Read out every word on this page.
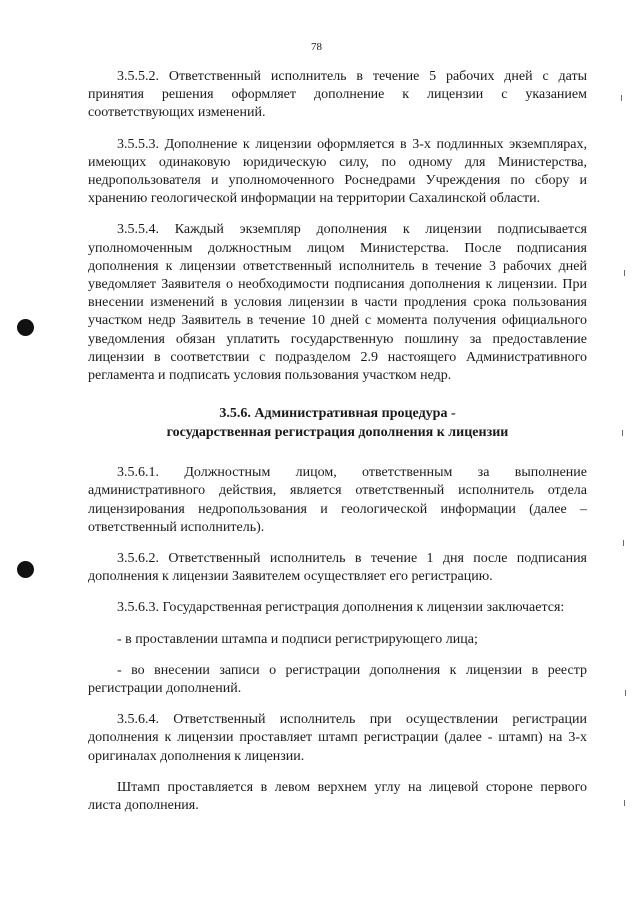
78

3.5.5.2. Ответственный исполнитель в течение 5 рабочих дней с даты принятия решения оформляет дополнение к лицензии с указанием соответствующих изменений.

3.5.5.3. Дополнение к лицензии оформляется в 3-х подлинных экземплярах, имеющих одинаковую юридическую силу, по одному для Министерства, недропользователя и уполномоченного Роснедрами Учреждения по сбору и хранению геологической информации на территории Сахалинской области.

3.5.5.4. Каждый экземпляр дополнения к лицензии подписывается уполномоченным должностным лицом Министерства. После подписания дополнения к лицензии ответственный исполнитель в течение 3 рабочих дней уведомляет Заявителя о необходимости подписания дополнения к лицензии. При внесении изменений в условия лицензии в части продления срока пользования участком недр Заявитель в течение 10 дней с момента получения официального уведомления обязан уплатить государственную пошлину за предоставление лицензии в соответствии с подразделом 2.9 настоящего Административного регламента и подписать условия пользования участком недр.

3.5.6. Административная процедура -
государственная регистрация дополнения к лицензии

3.5.6.1. Должностным лицом, ответственным за выполнение административного действия, является ответственный исполнитель отдела лицензирования недропользования и геологической информации (далее – ответственный исполнитель).

3.5.6.2. Ответственный исполнитель в течение 1 дня после подписания дополнения к лицензии Заявителем осуществляет его регистрацию.

3.5.6.3. Государственная регистрация дополнения к лицензии заключается:

- в проставлении штампа и подписи регистрирующего лица;

- во внесении записи о регистрации дополнения к лицензии в реестр регистрации дополнений.

3.5.6.4. Ответственный исполнитель при осуществлении регистрации дополнения к лицензии проставляет штамп регистрации (далее - штамп) на 3-х оригиналах дополнения к лицензии.

Штамп проставляется в левом верхнем углу на лицевой стороне первого листа дополнения.
